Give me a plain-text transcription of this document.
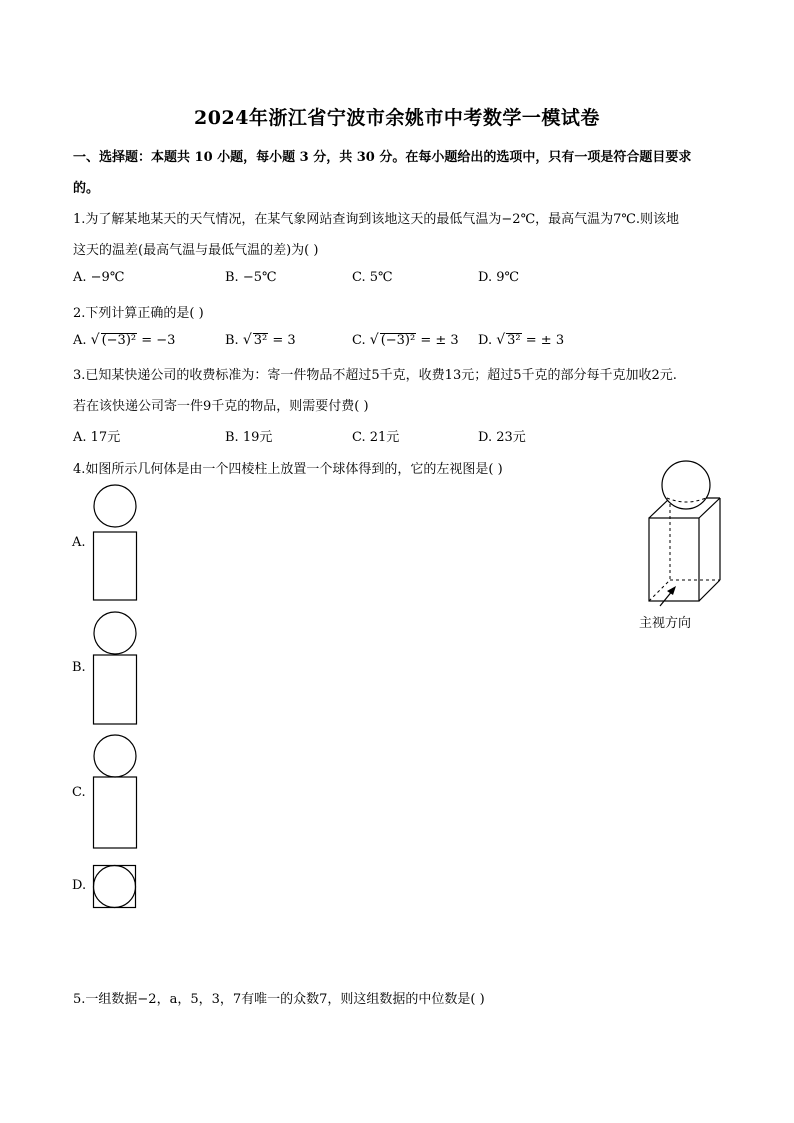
2024年浙江省宁波市余姚市中考数学一模试卷
一、选择题：本题共 10 小题，每小题 3 分，共 30 分。在每小题给出的选项中，只有一项是符合题目要求
的。
1.为了解某地某天的天气情况，在某气象网站查询到该地这天的最低气温为−2℃，最高气温为7℃.则该地
这天的温差(最高气温与最低气温的差)为( )
A. −9℃	B. −5℃	C. 5℃	D. 9℃
2.下列计算正确的是( )
A. √ (−3)² = −3	B. √ 3² = 3	C. √ (−3)² = ± 3 D. √ 3² = ± 3
3.已知某快递公司的收费标准为：寄一件物品不超过5千克，收费13元；超过5千克的部分每千克加收2元.
若在该快递公司寄一件9千克的物品，则需要付费( )
A. 17元	B. 19元	C. 21元	D. 23元
4.如图所示几何体是由一个四棱柱上放置一个球体得到的，它的左视图是( )
A.
B.
C.
D.
主视方向
5.一组数据−2，a，5，3，7有唯一的众数7，则这组数据的中位数是( )
